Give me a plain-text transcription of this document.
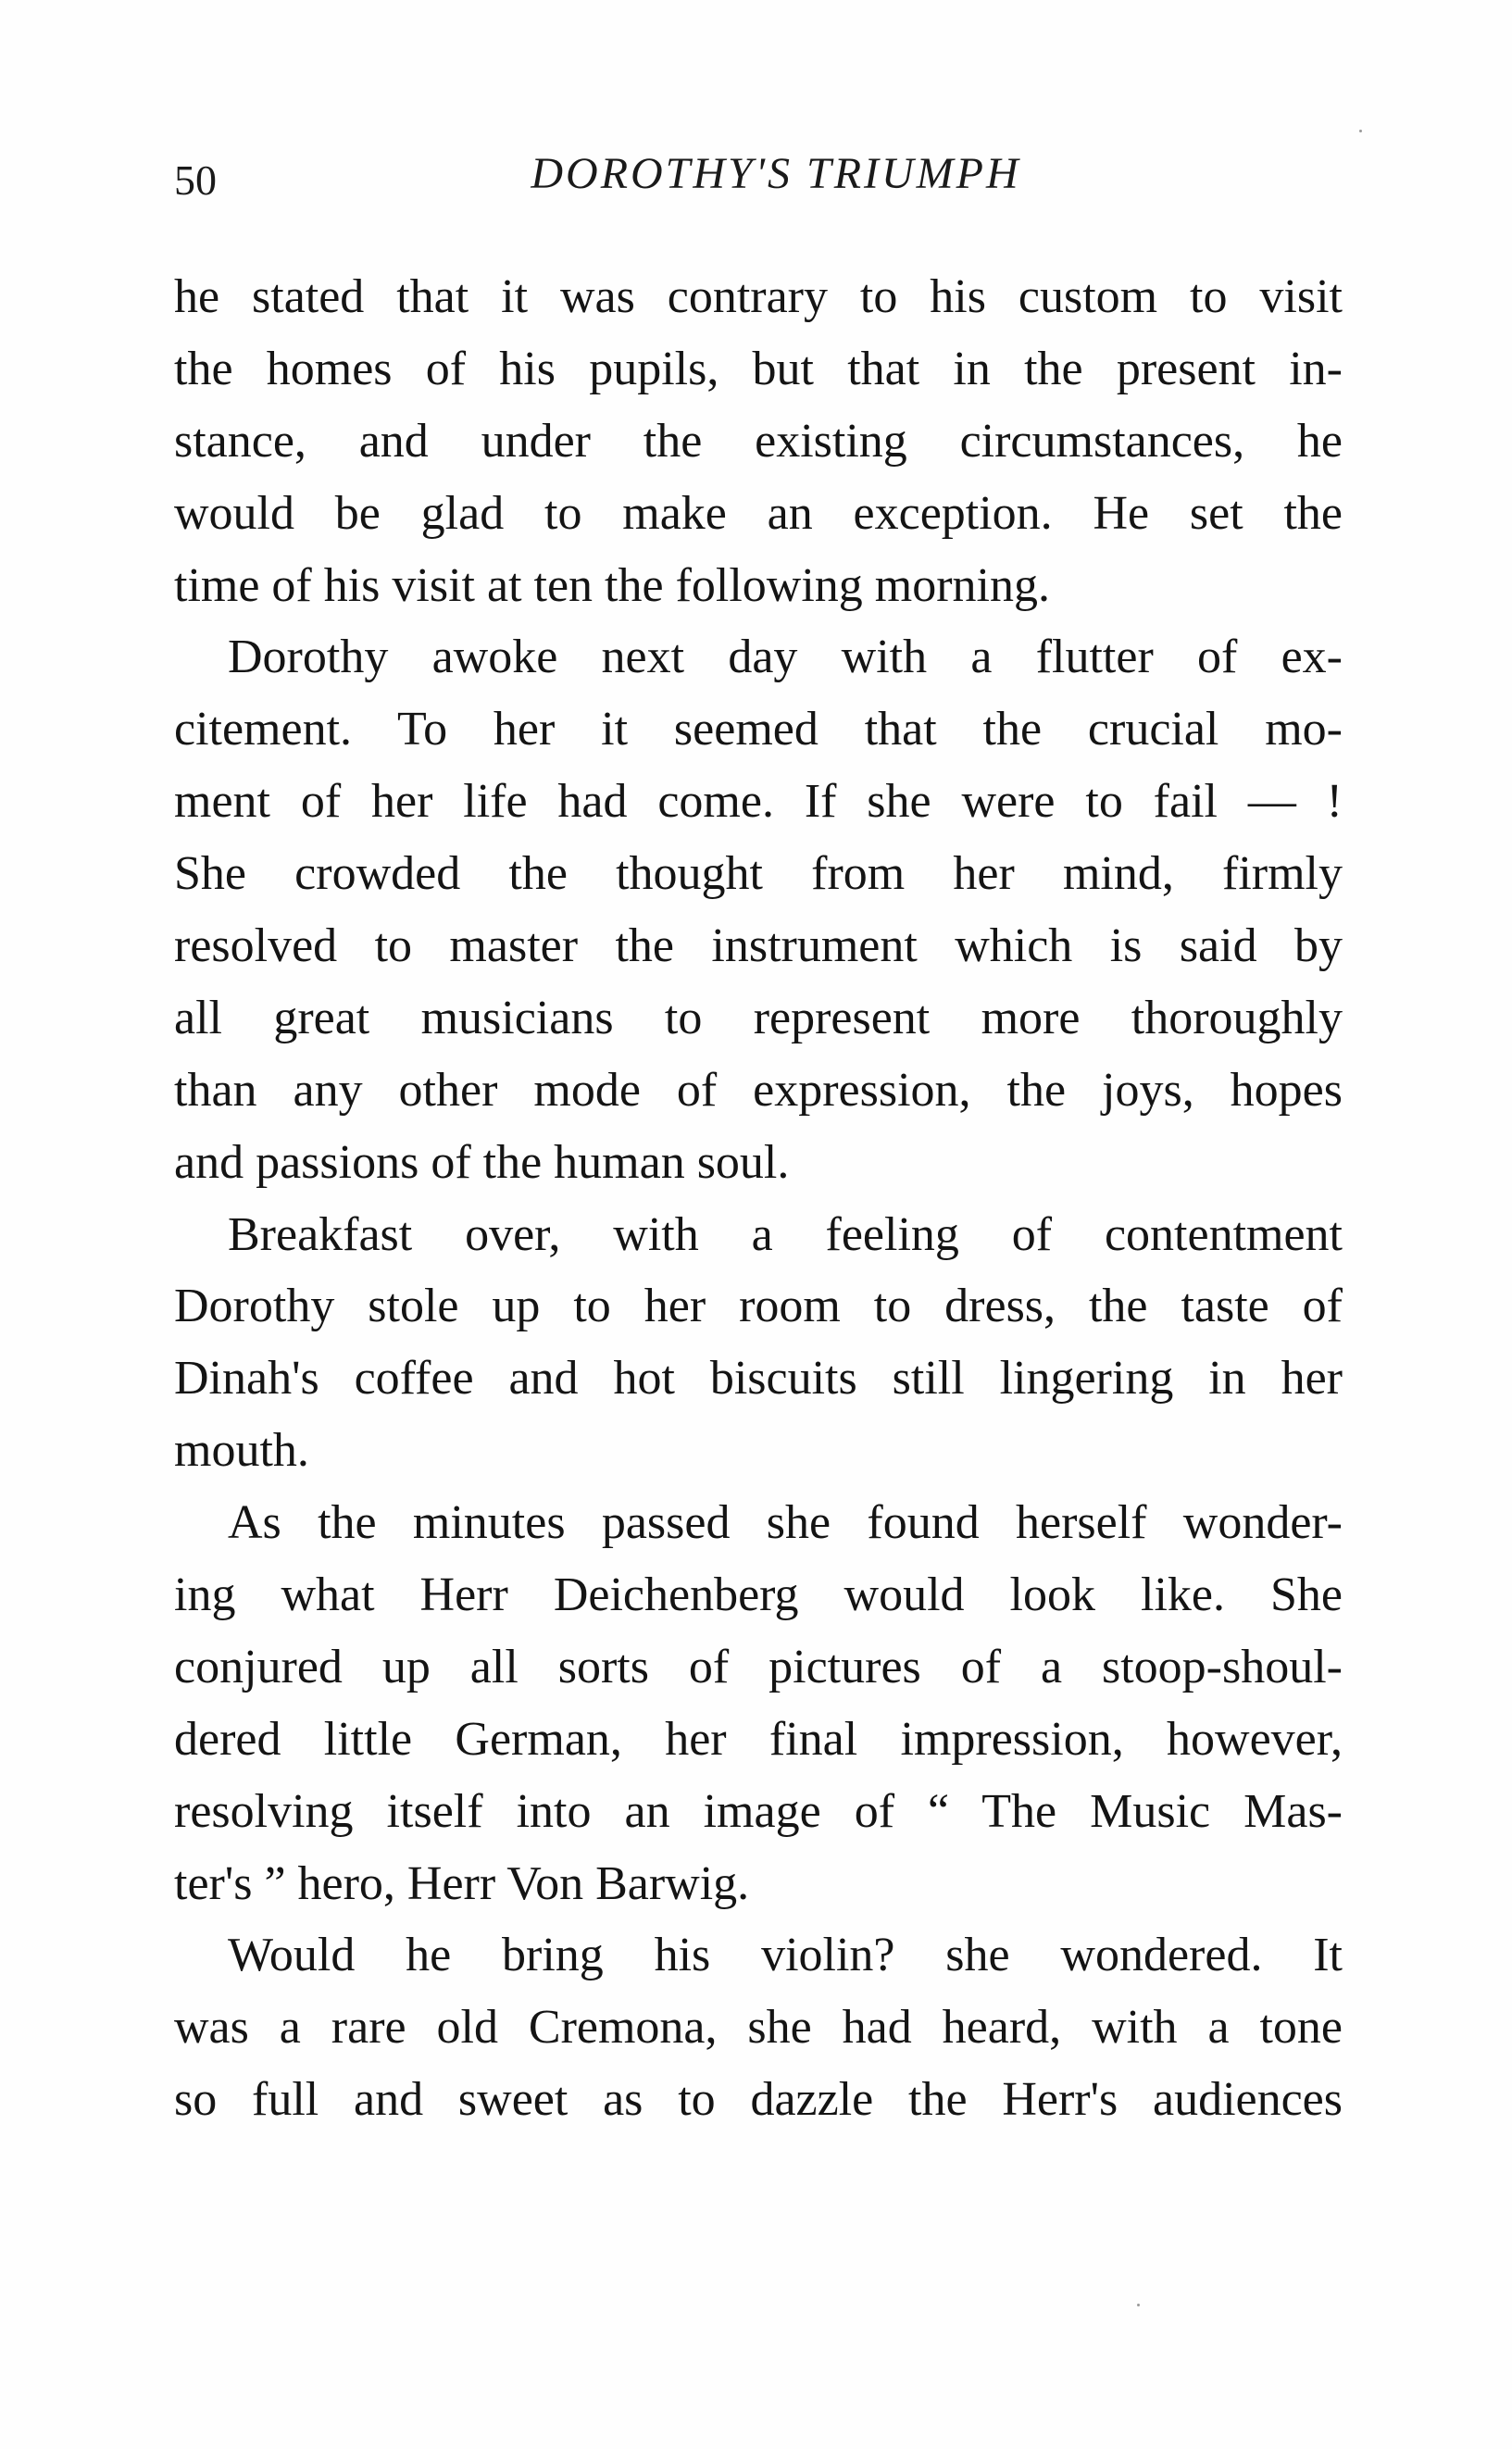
50	DOROTHY'S TRIUMPH
he stated that it was contrary to his custom to visit
the homes of his pupils, but that in the present in-
stance, and under the existing circumstances, he
would be glad to make an exception. He set the
time of his visit at ten the following morning.
Dorothy awoke next day with a flutter of ex-
citement. To her it seemed that the crucial mo-
ment of her life had come. If she were to fail — !
She crowded the thought from her mind, firmly
resolved to master the instrument which is said by
all great musicians to represent more thoroughly
than any other mode of expression, the joys, hopes
and passions of the human soul.
Breakfast over, with a feeling of contentment
Dorothy stole up to her room to dress, the taste of
Dinah's coffee and hot biscuits still lingering in her
mouth.
As the minutes passed she found herself wonder-
ing what Herr Deichenberg would look like. She
conjured up all sorts of pictures of a stoop-shoul-
dered little German, her final impression, however,
resolving itself into an image of “ The Music Mas-
ter's ” hero, Herr Von Barwig.
Would he bring his violin? she wondered. It
was a rare old Cremona, she had heard, with a tone
so full and sweet as to dazzle the Herr's audiences
